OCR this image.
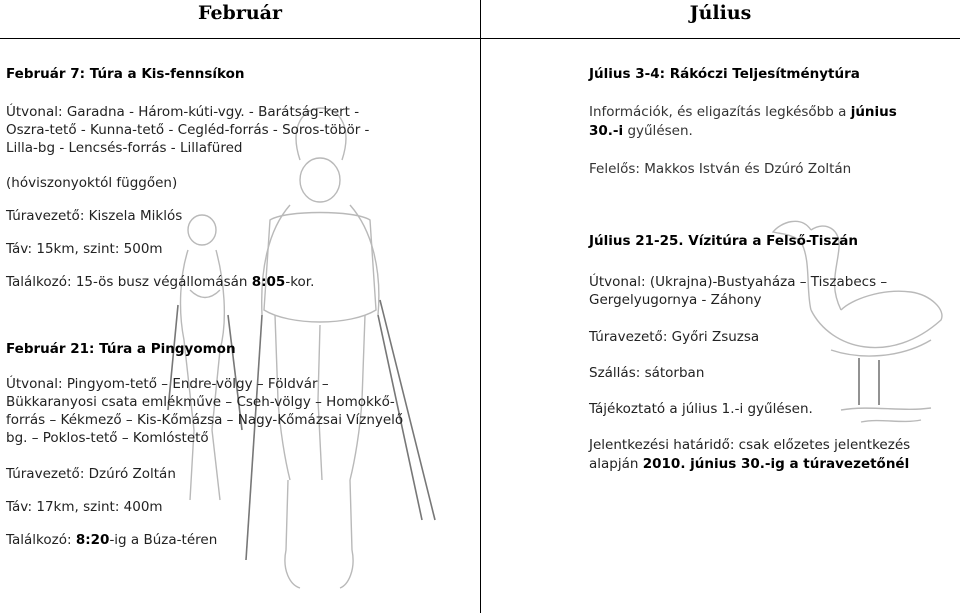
Február
Február 7: Túra a Kis-fennsíkon
Útvonal: Garadna - Három-kúti-vgy. - Barátság-kert -
Oszra-tető - Kunna-tető - Cegléd-forrás - Soros-töbör -
Lilla-bg - Lencsés-forrás - Lillafüred
(hóviszonyoktól függően)
Túravezető: Kiszela Miklós
Táv: 15km, szint: 500m
Találkozó: 15-ös busz végállomásán 8:05-kor.
Február 21: Túra a Pingyomon
Útvonal: Pingyom-tető – Endre-völgy – Földvár –
Bükkaranyosi csata emlékműve – Cseh-völgy – Homokkő-
forrás – Kékmező – Kis-Kőmázsa – Nagy-Kőmázsai Víznyelő
bg. – Poklos-tető – Komlóstető
Túravezető: Dzúró Zoltán
Táv: 17km, szint: 400m
Találkozó: 8:20-ig a Búza-téren
Július
Július 3-4: Rákóczi Teljesítménytúra
Információk, és eligazítás legkésőbb a június
30.-i gyűlésen.
Felelős: Makkos István és Dzúró Zoltán
Július 21-25. Vízitúra a Felső-Tiszán
Útvonal: (Ukrajna)-Bustyaháza – Tiszabecs –
Gergelyugornya - Záhony
Túravezető: Győri Zsuzsa
Szállás: sátorban
Tájékoztató a július 1.-i gyűlésen.
Jelentkezési határidő: csak előzetes jelentkezés
alapján 2010. június 30.-ig a túravezetőnél
